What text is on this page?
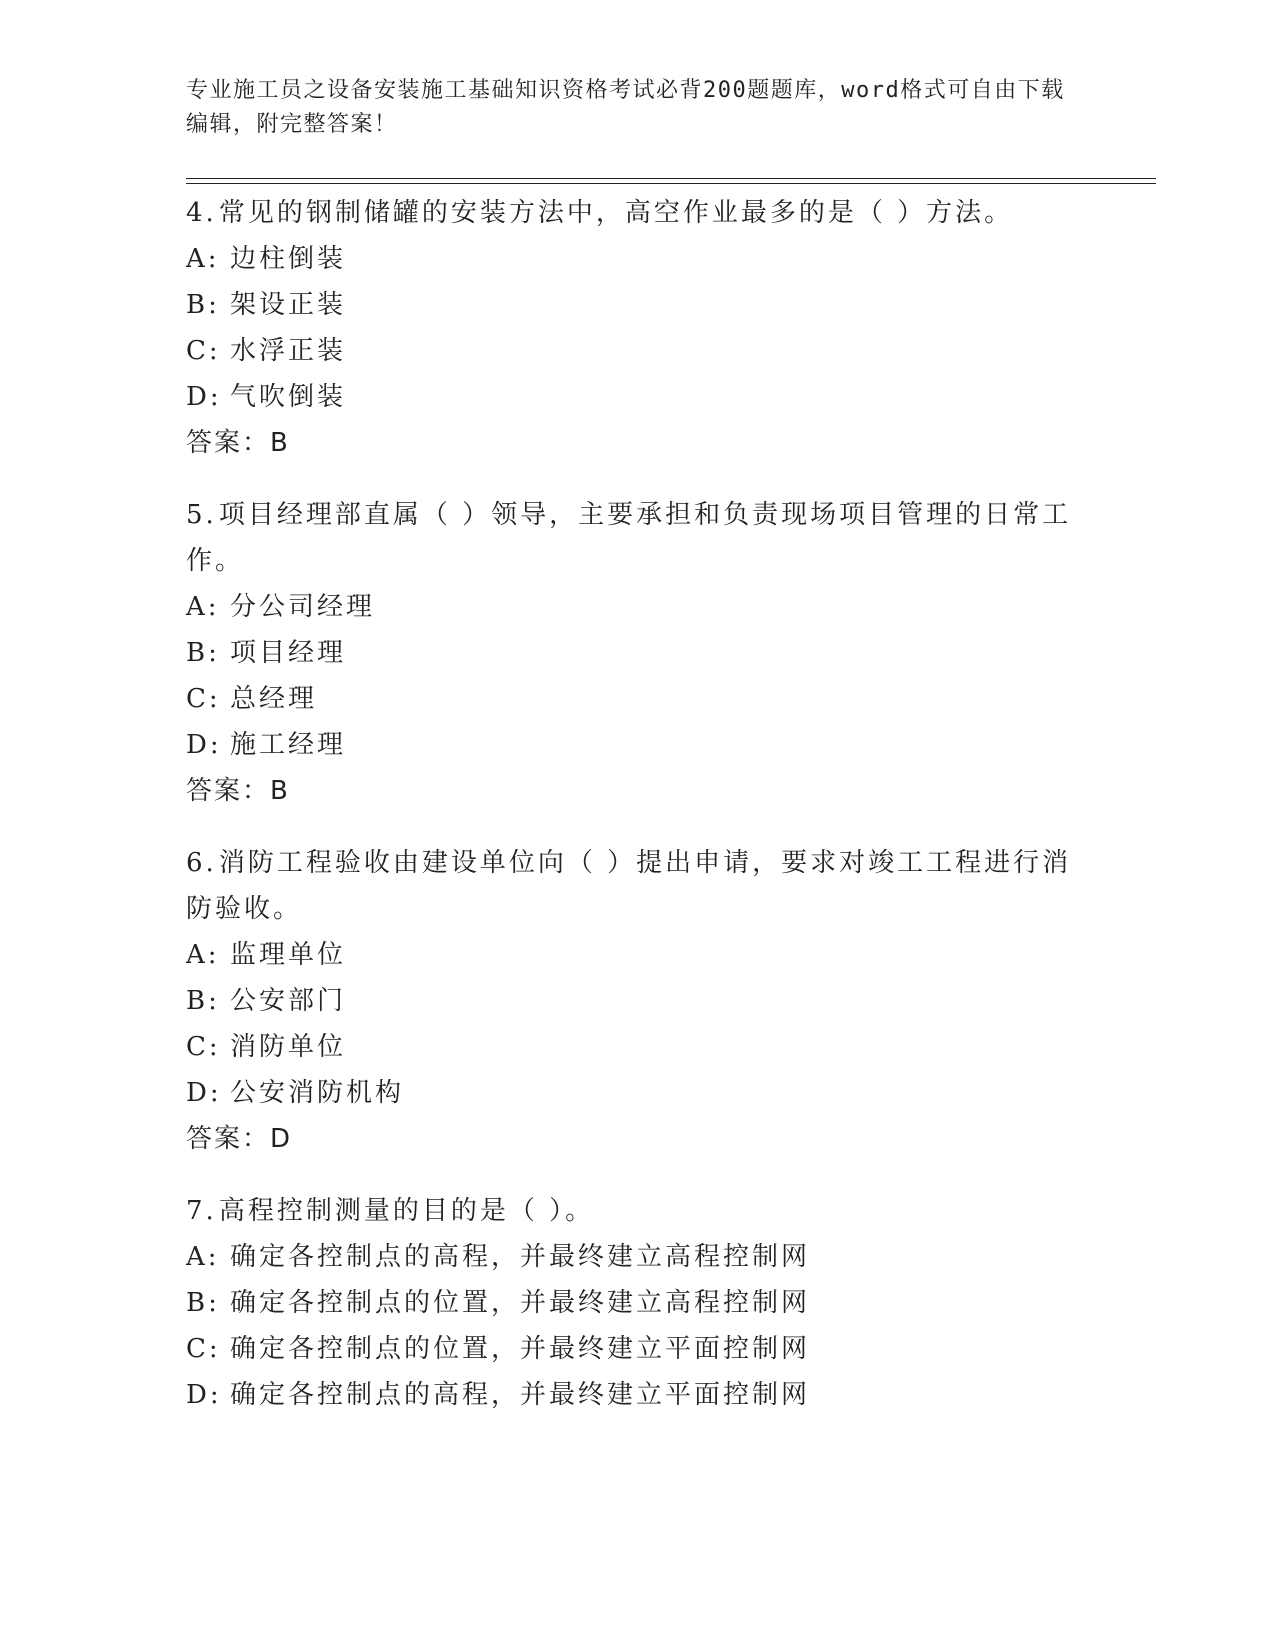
专业施工员之设备安装施工基础知识资格考试必背200题题库，word格式可自由下载编辑，附完整答案！
4.常见的钢制储罐的安装方法中，高空作业最多的是（ ）方法。
A: 边柱倒装
B: 架设正装
C: 水浮正装
D: 气吹倒装
答案：B
5.项目经理部直属（ ）领导，主要承担和负责现场项目管理的日常工作。
A: 分公司经理
B: 项目经理
C: 总经理
D: 施工经理
答案：B
6.消防工程验收由建设单位向（ ）提出申请，要求对竣工工程进行消防验收。
A: 监理单位
B: 公安部门
C: 消防单位
D: 公安消防机构
答案：D
7.高程控制测量的目的是（ ）。
A: 确定各控制点的高程，并最终建立高程控制网
B: 确定各控制点的位置，并最终建立高程控制网
C: 确定各控制点的位置，并最终建立平面控制网
D: 确定各控制点的高程，并最终建立平面控制网
